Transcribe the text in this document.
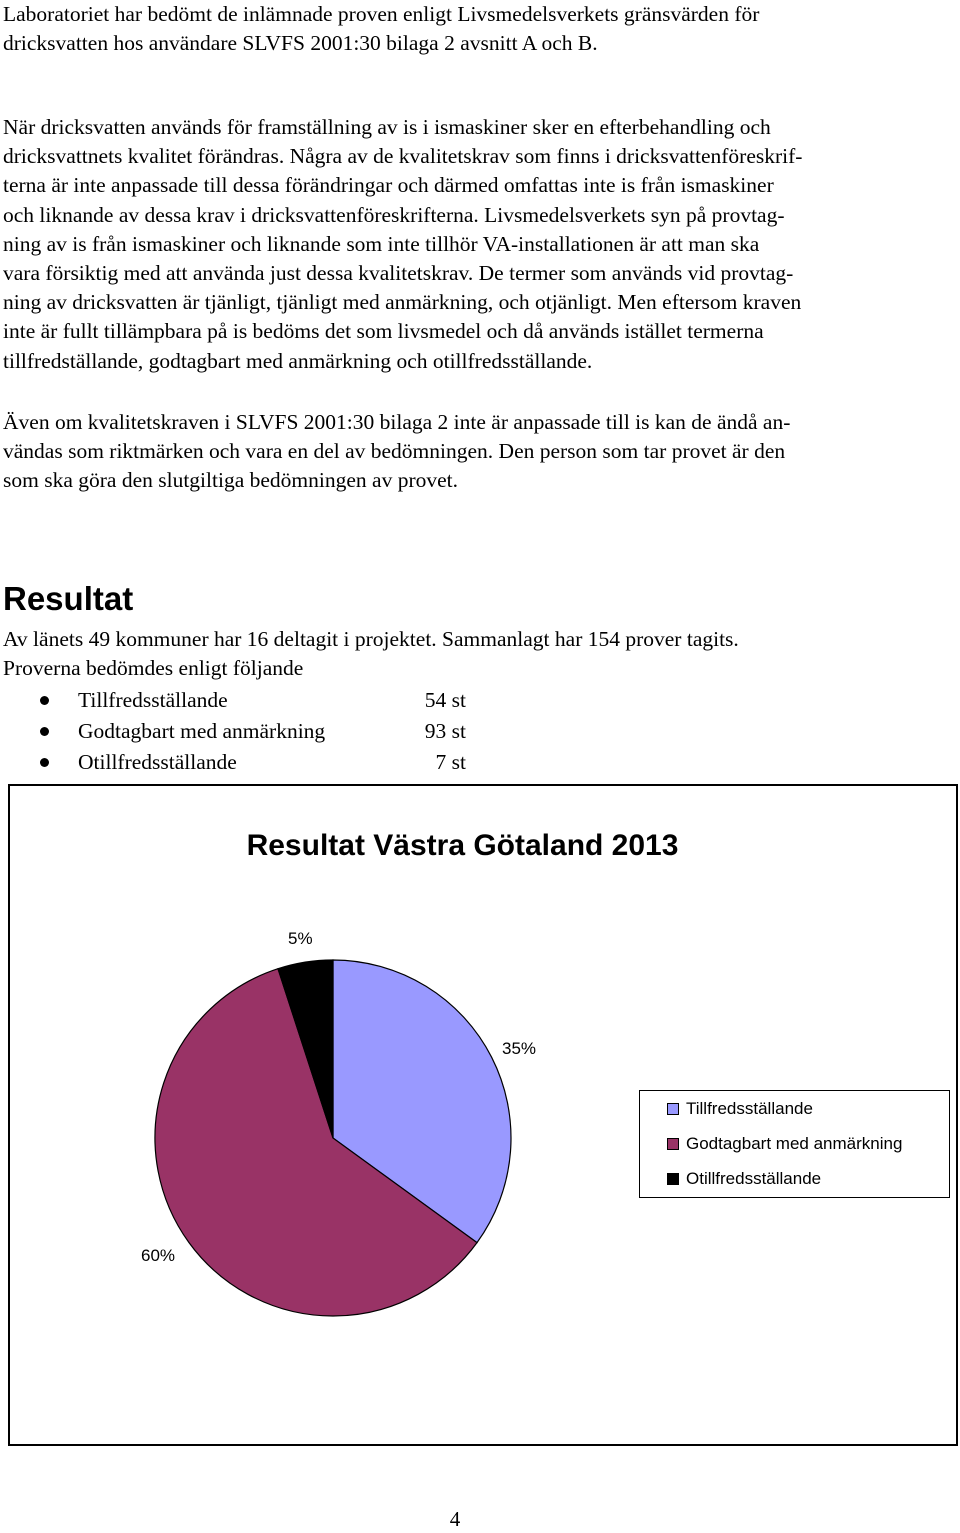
Laboratoriet har bedömt de inlämnade proven enligt Livsmedelsverkets gränsvärden för
dricksvatten hos användare SLVFS 2001:30 bilaga 2 avsnitt A och B.
När dricksvatten används för framställning av is i ismaskiner sker en efterbehandling och
dricksvattnets kvalitet förändras. Några av de kvalitetskrav som finns i dricksvattenföreskrif-
terna är inte anpassade till dessa förändringar och därmed omfattas inte is från ismaskiner
och liknande av dessa krav i dricksvattenföreskrifterna. Livsmedelsverkets syn på provtag-
ning av is från ismaskiner och liknande som inte tillhör VA-installationen är att man ska
vara försiktig med att använda just dessa kvalitetskrav. De termer som används vid provtag-
ning av dricksvatten är tjänligt, tjänligt med anmärkning, och otjänligt. Men eftersom kraven
inte är fullt tillämpbara på is bedöms det som livsmedel och då används istället termerna
tillfredställande, godtagbart med anmärkning och otillfredsställande.
Även om kvalitetskraven i SLVFS 2001:30 bilaga 2 inte är anpassade till is kan de ändå an-
vändas som riktmärken och vara en del av bedömningen. Den person som tar provet är den
som ska göra den slutgiltiga bedömningen av provet.
Resultat
Av länets 49 kommuner har 16 deltagit i projektet. Sammanlagt har 154 prover tagits.
Proverna bedömdes enligt följande
Tillfredsställande	54 st
Godtagbart med anmärkning	93 st
Otillfredsställande	7 st
Resultat Västra Götaland 2013
35%
60%
5%
Tillfredsställande
Godtagbart med anmärkning
Otillfredsställande
4
